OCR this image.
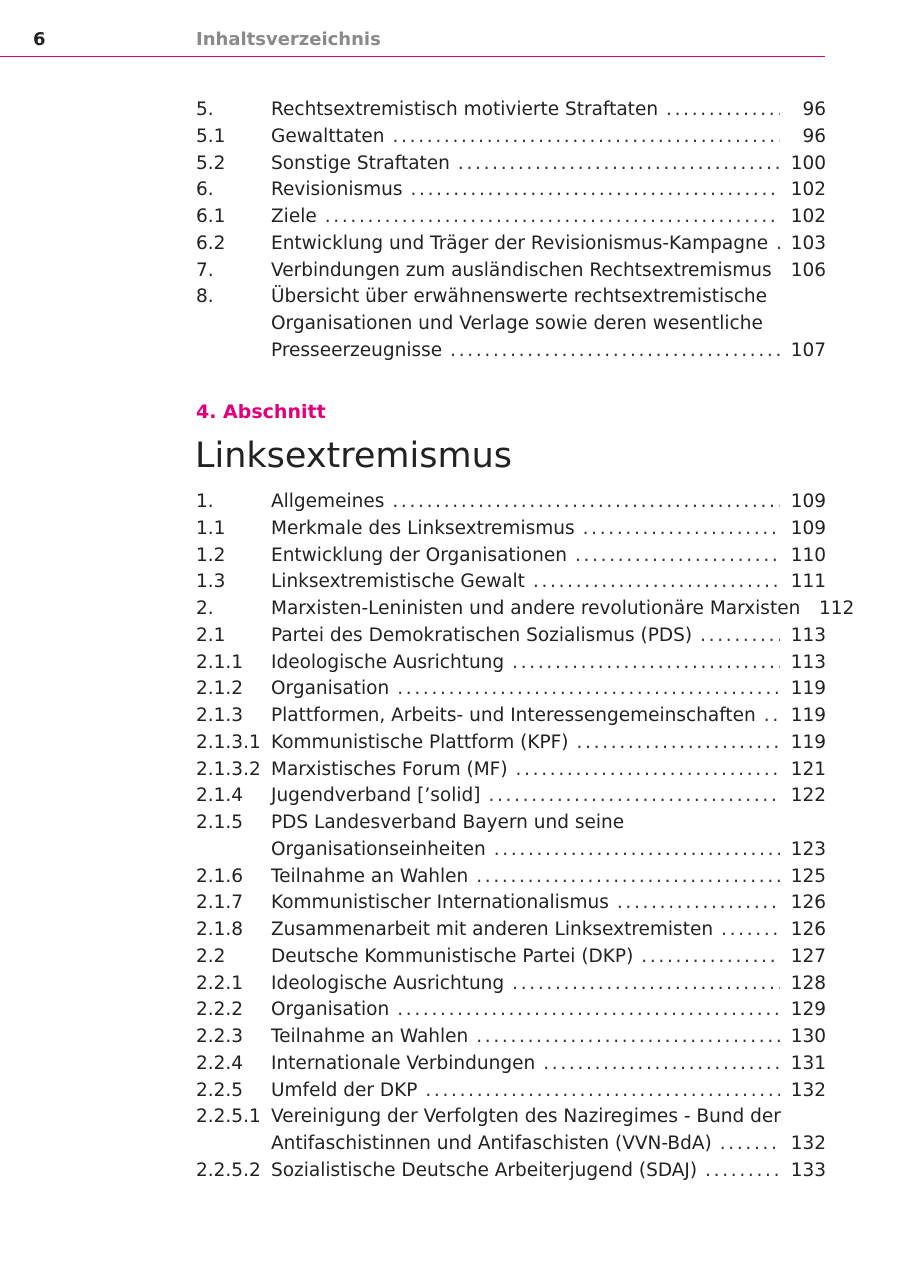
6	Inhaltsverzeichnis
5.	Rechtsextremistisch motivierte Straftaten . . .	96
5.1 Gewalttaten . . .	96
5.2 Sonstige Straftaten . . .	100
6.	Revisionismus . . .	102
6.1 Ziele . . .	102
6.2 Entwicklung und Träger der Revisionismus-Kampagne . . . 103
7.	Verbindungen zum ausländischen Rechtsextremismus . . . 106
8.	Übersicht über erwähnenswerte rechtsextremistische
Organisationen und Verlage sowie deren wesentliche
Presseerzeugnisse . . .	107
4. Abschnitt
Linksextremismus
1.	Allgemeines . . .	109
1.1 Merkmale des Linksextremismus . . .	109
1.2 Entwicklung der Organisationen . . .	110
1.3 Linksextremistische Gewalt . . .	111
2.	Marxisten-Leninisten und andere revolutionäre Marxisten 112
2.1 Partei des Demokratischen Sozialismus (PDS) . . .	113
2.1.1 Ideologische Ausrichtung . . .	113
2.1.2 Organisation . . .	119
2.1.3 Plattformen, Arbeits- und Interessengemeinschaften . . . 119
2.1.3.1 Kommunistische Plattform (KPF) . . .	119
2.1.3.2 Marxistisches Forum (MF) . . .	121
2.1.4 Jugendverband [’solid] . . .	122
2.1.5 PDS Landesverband Bayern und seine
Organisationseinheiten . . .	123
2.1.6 Teilnahme an Wahlen . . .	125
2.1.7 Kommunistischer Internationalismus . . .	126
2.1.8 Zusammenarbeit mit anderen Linksextremisten . . .	126
2.2 Deutsche Kommunistische Partei (DKP) . . .	127
2.2.1 Ideologische Ausrichtung . . .	128
2.2.2 Organisation . . .	129
2.2.3 Teilnahme an Wahlen . . .	130
2.2.4 Internationale Verbindungen . . .	131
2.2.5 Umfeld der DKP . . .	132
2.2.5.1 Vereinigung der Verfolgten des Naziregimes - Bund der
Antifaschistinnen und Antifaschisten (VVN-BdA) . . .	132
2.2.5.2 Sozialistische Deutsche Arbeiterjugend (SDAJ) . . .	133
